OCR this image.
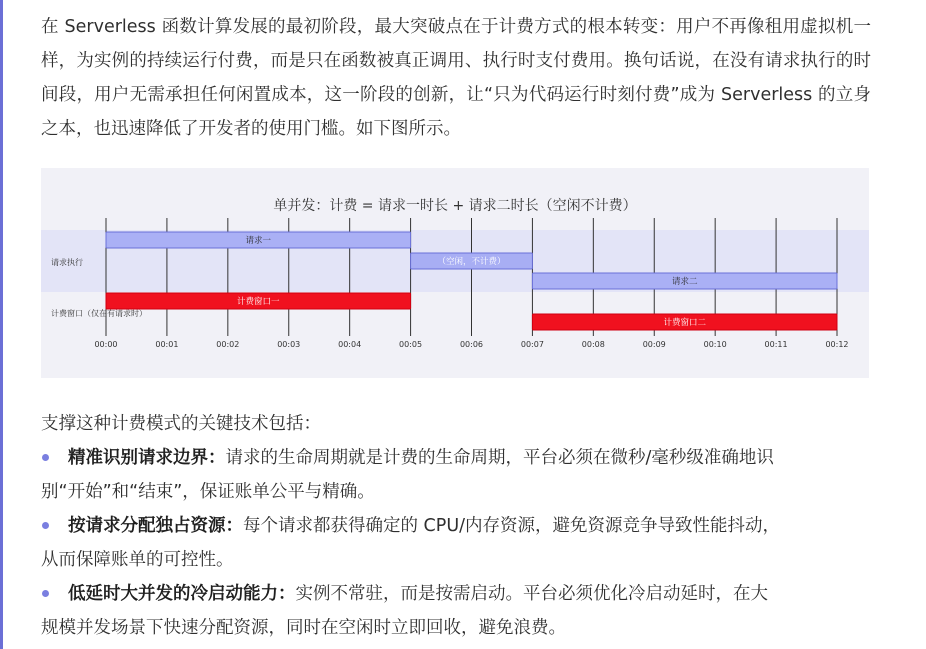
在 Serverless 函数计算发展的最初阶段，最大突破点在于计费方式的根本转变：用户不再像租用虚拟机一样，为实例的持续运行付费，而是只在函数被真正调用、执行时支付费用。换句话说，在没有请求执行的时间段，用户无需承担任何闲置成本，这一阶段的创新，让“只为代码运行时刻付费”成为 Serverless 的立身之本，也迅速降低了开发者的使用门槛。如下图所示。

单并发：计费 = 请求一时长 + 请求二时长（空闲不计费）
00:00	00:01	00:02	00:03	00:04	00:05	00:06	00:07	00:08	00:09	00:10	00:11	00:12
请求执行
计费窗口（仅在有请求时）
请求一
（空闲，不计费）
请求二
计费窗口一
计费窗口二

支撑这种计费模式的关键技术包括：

精准识别请求边界：请求的生命周期就是计费的生命周期，平台必须在微秒/毫秒级准确地识
别“开始”和“结束”，保证账单公平与精确。
按请求分配独占资源：每个请求都获得确定的 CPU/内存资源，避免资源竞争导致性能抖动，
从而保障账单的可控性。
低延时大并发的冷启动能力：实例不常驻，而是按需启动。平台必须优化冷启动延时，在大
规模并发场景下快速分配资源，同时在空闲时立即回收，避免浪费。
